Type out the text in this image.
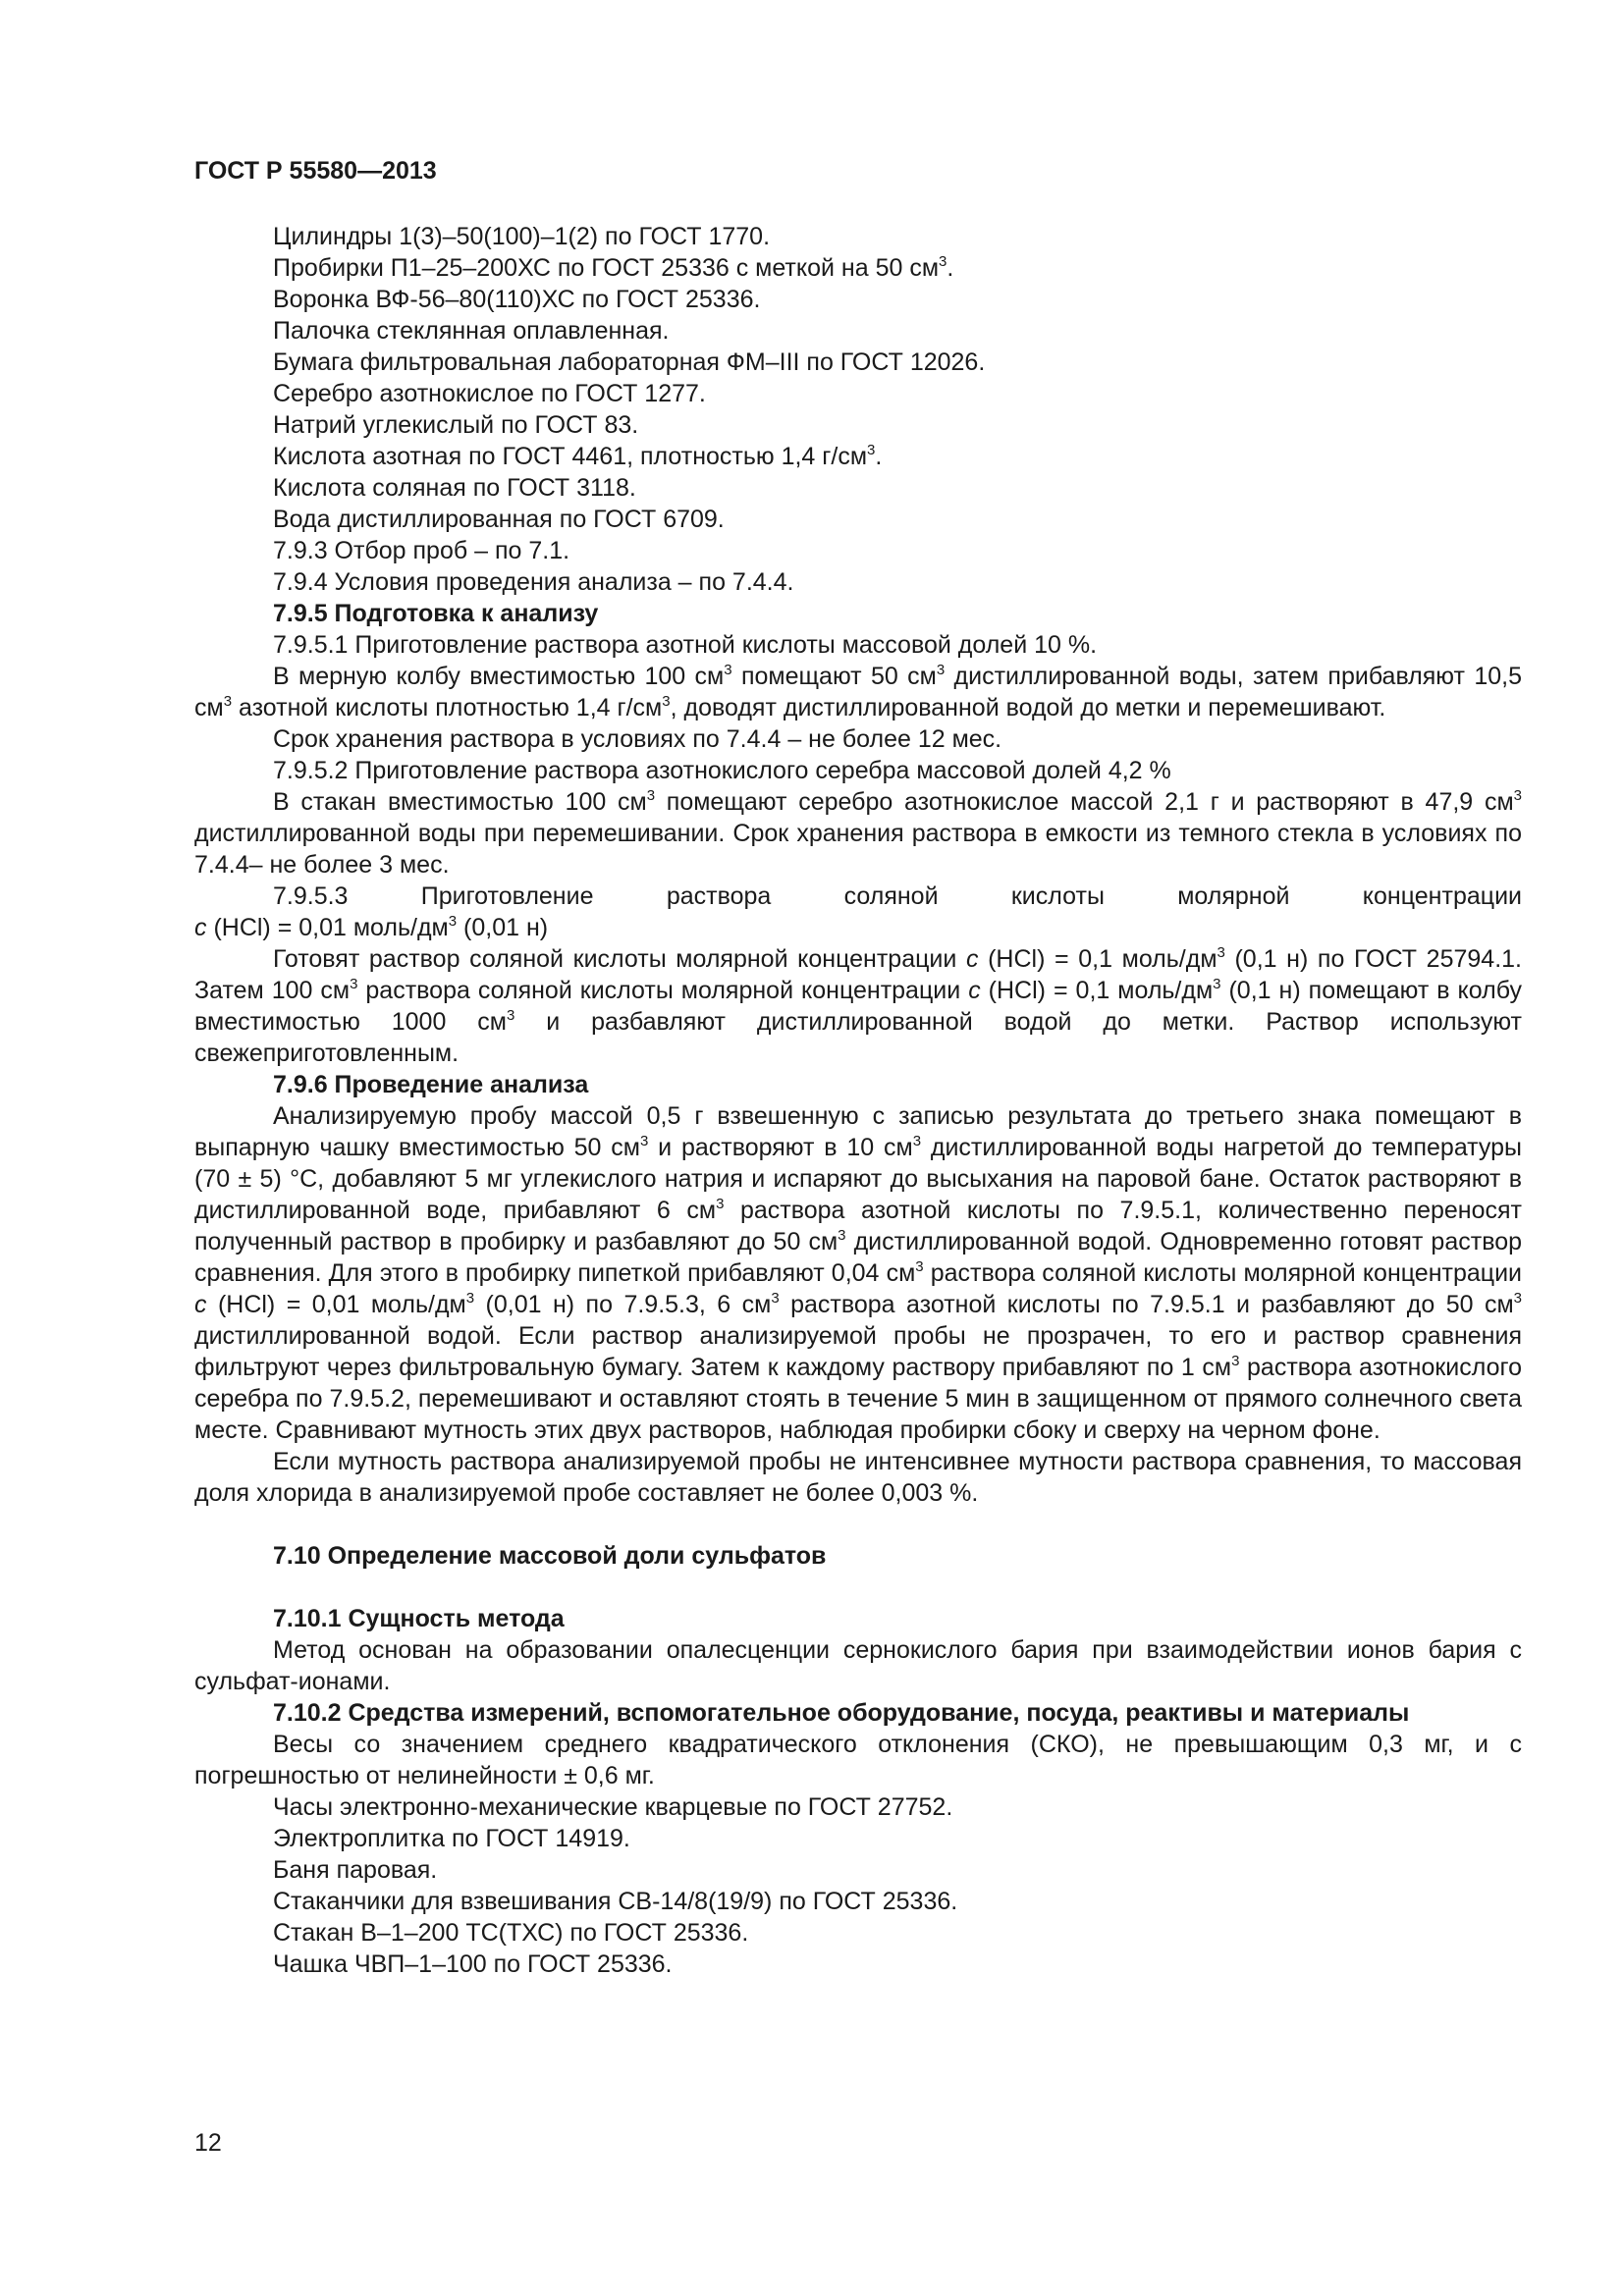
ГОСТ Р 55580—2013

Цилиндры 1(3)–50(100)–1(2) по ГОСТ 1770.

Пробирки П1–25–200ХС по ГОСТ 25336 с меткой на 50 $см^3$.

Воронка ВФ-56–80(110)ХС по ГОСТ 25336.

Палочка стеклянная оплавленная.

Бумага фильтровальная лабораторная ФМ–III по ГОСТ 12026.

Серебро азотнокислое по ГОСТ 1277.

Натрий углекислый по ГОСТ 83.

Кислота азотная по ГОСТ 4461, плотностью 1,4 $г/см^3$.

Кислота соляная по ГОСТ 3118.

Вода дистиллированная по ГОСТ 6709.

7.9.3 Отбор проб – по 7.1.

7.9.4 Условия проведения анализа – по 7.4.4.

7.9.5 Подготовка к анализу

7.9.5.1 Приготовление раствора азотной кислоты массовой долей 10 %.

В мерную колбу вместимостью 100 $см^3$ помещают 50 $см^3$ дистиллированной воды, затем прибавляют 10,5 $см^3$ азотной кислоты плотностью 1,4 $г/см^3$, доводят дистиллированной водой до метки и перемешивают.

Срок хранения раствора в условиях по 7.4.4 – не более 12 мес.

7.9.5.2 Приготовление раствора азотнокислого серебра массовой долей 4,2 %

В стакан вместимостью 100 $см^3$ помещают серебро азотнокислое массой 2,1 г и растворяют в 47,9 $см^3$ дистиллированной воды при перемешивании. Срок хранения раствора в емкости из темного стекла в условиях по 7.4.4– не более 3 мес.

7.9.5.3 Приготовление раствора соляной кислоты молярной концентрации

c (HCl) = 0,01 моль/$дм^3$ (0,01 н)

Готовят раствор соляной кислоты молярной концентрации c (HCl) = 0,1 моль/$дм^3$ (0,1 н) по ГОСТ 25794.1. Затем 100 $см^3$ раствора соляной кислоты молярной концентрации c (HCl) = 0,1 моль/$дм^3$ (0,1 н) помещают в колбу вместимостью 1000 $см^3$ и разбавляют дистиллированной водой до метки. Раствор используют свежеприготовленным.

7.9.6 Проведение анализа

Анализируемую пробу массой 0,5 г взвешенную с записью результата до третьего знака помещают в выпарную чашку вместимостью 50 $см^3$ и растворяют в 10 $см^3$ дистиллированной воды нагретой до температуры (70 ± 5) °С, добавляют 5 мг углекислого натрия и испаряют до высыхания на паровой бане. Остаток растворяют в дистиллированной воде, прибавляют 6 $см^3$ раствора азотной кислоты по 7.9.5.1, количественно переносят полученный раствор в пробирку и разбавляют до 50 $см^3$ дистиллированной водой. Одновременно готовят раствор сравнения. Для этого в пробирку пипеткой прибавляют 0,04 $см^3$ раствора соляной кислоты молярной концентрации c (HCl) = 0,01 моль/$дм^3$ (0,01 н) по 7.9.5.3, 6 $см^3$ раствора азотной кислоты по 7.9.5.1 и разбавляют до 50 $см^3$ дистиллированной водой. Если раствор анализируемой пробы не прозрачен, то его и раствор сравнения фильтруют через фильтровальную бумагу. Затем к каждому раствору прибавляют по 1 $см^3$ раствора азотнокислого серебра по 7.9.5.2, перемешивают и оставляют стоять в течение 5 мин в защищенном от прямого солнечного света месте. Сравнивают мутность этих двух растворов, наблюдая пробирки сбоку и сверху на черном фоне.

Если мутность раствора анализируемой пробы не интенсивнее мутности раствора сравнения, то массовая доля хлорида в анализируемой пробе составляет не более 0,003 %.

7.10 Определение массовой доли сульфатов

7.10.1 Сущность метода

Метод основан на образовании опалесценции сернокислого бария при взаимодействии ионов бария с сульфат-ионами.

7.10.2 Средства измерений, вспомогательное оборудование, посуда, реактивы и материалы

Весы со значением среднего квадратического отклонения (СКО), не превышающим 0,3 мг, и с погрешностью от нелинейности ± 0,6 мг.

Часы электронно-механические кварцевые по ГОСТ 27752.

Электроплитка по ГОСТ 14919.

Баня паровая.

Стаканчики для взвешивания СВ-14/8(19/9) по ГОСТ 25336.

Стакан В–1–200 ТС(ТХС) по ГОСТ 25336.

Чашка ЧВП–1–100 по ГОСТ 25336.

12
